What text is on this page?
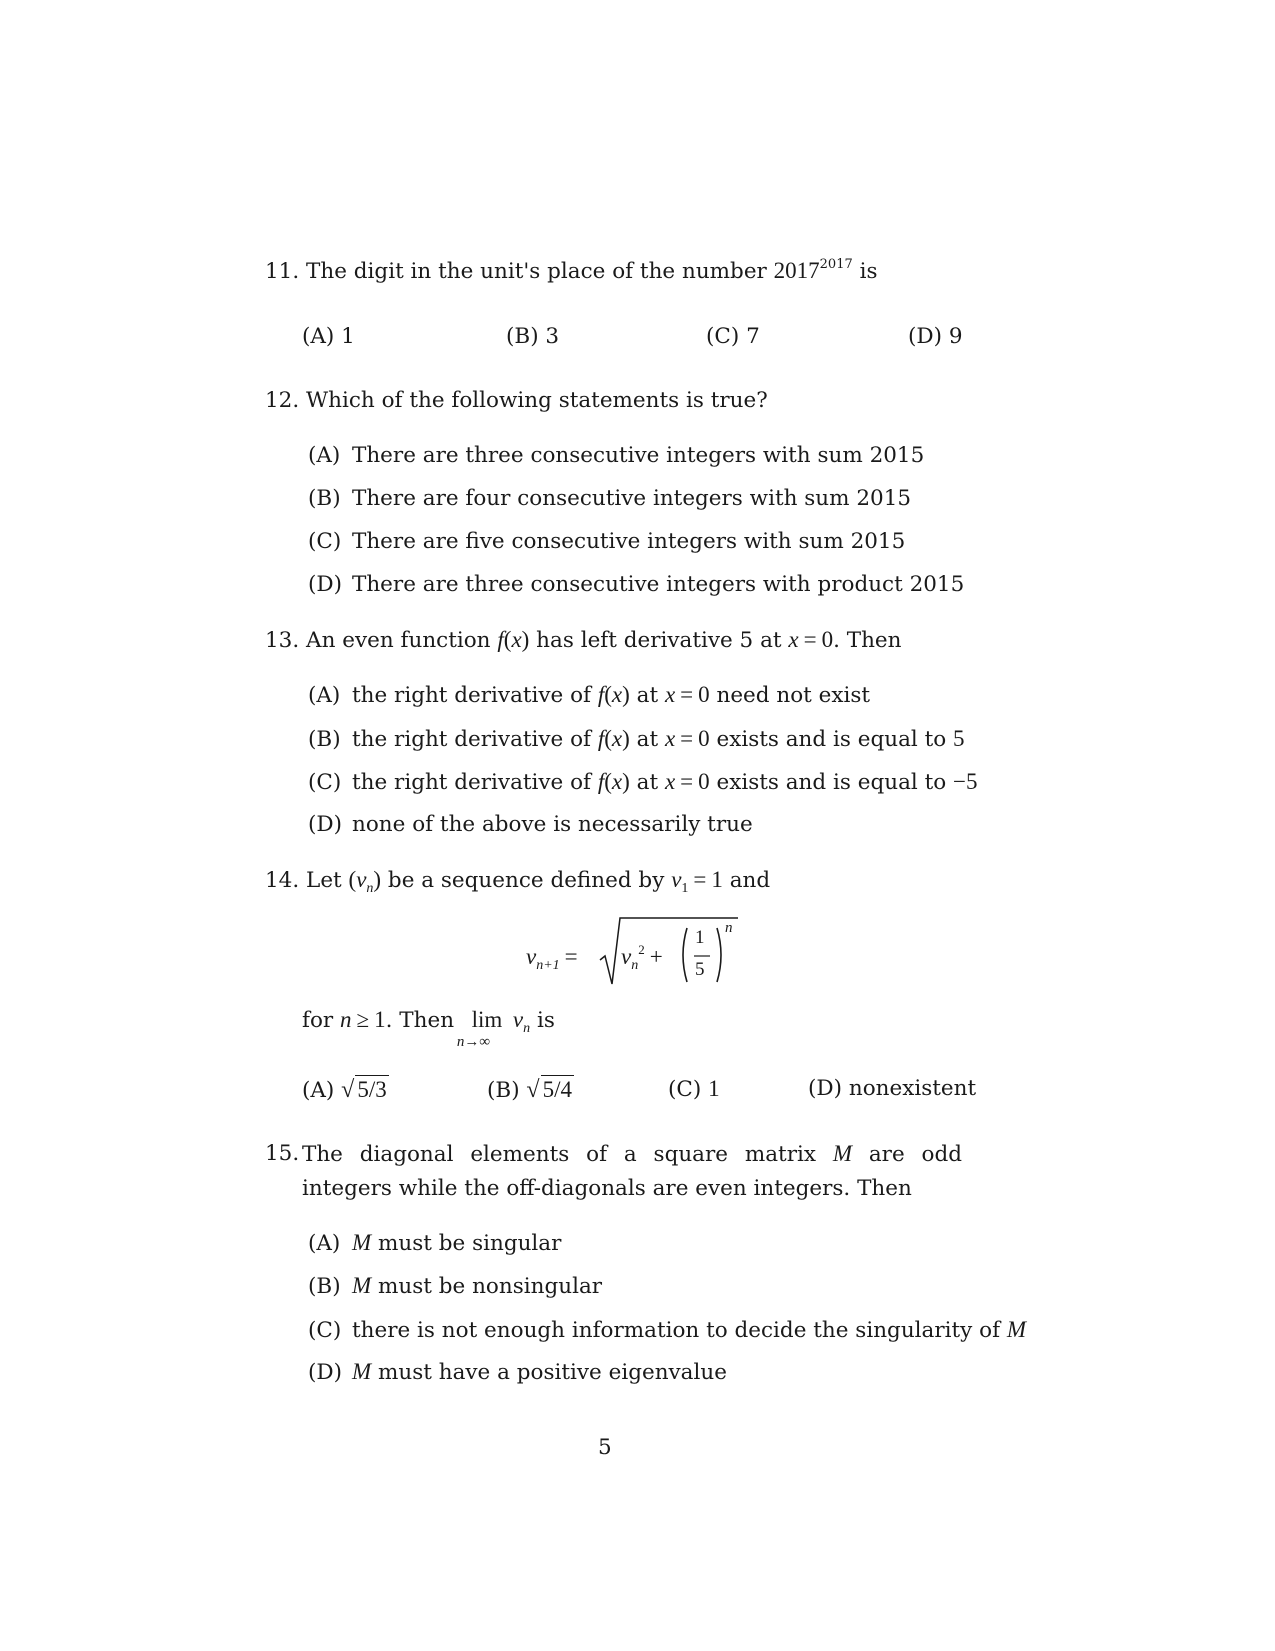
11. The digit in the unit's place of the number $2017^{2017}$ is
(A) 1	(B) 3	(C) 7	(D) 9
12. Which of the following statements is true?
(A) There are three consecutive integers with sum 2015
(B) There are four consecutive integers with sum 2015
(C) There are five consecutive integers with sum 2015
(D) There are three consecutive integers with product 2015
13. An even function f(x) has left derivative 5 at x = 0. Then
(A) the right derivative of f(x) at x = 0 need not exist
(B) the right derivative of f(x) at x = 0 exists and is equal to 5
(C) the right derivative of f(x) at x = 0 exists and is equal to −5
(D) none of the above is necessarily true
14. Let $(v_n)$ be a sequence defined by $v_1 = 1$ and
$v_{n+1} = v_n^2$ +
1
5
n
for n ≥ 1. Then lim
n→∞
$v_n$ is
(A) √ 5/3	(B) √ 5/4	(C) 1	(D) nonexistent
15. The diagonal elements of a square matrix M are odd integers while the off-diagonals are even integers. Then
(A) M must be singular
(B) M must be nonsingular
(C) there is not enough information to decide the singularity of M
(D) M must have a positive eigenvalue
5
